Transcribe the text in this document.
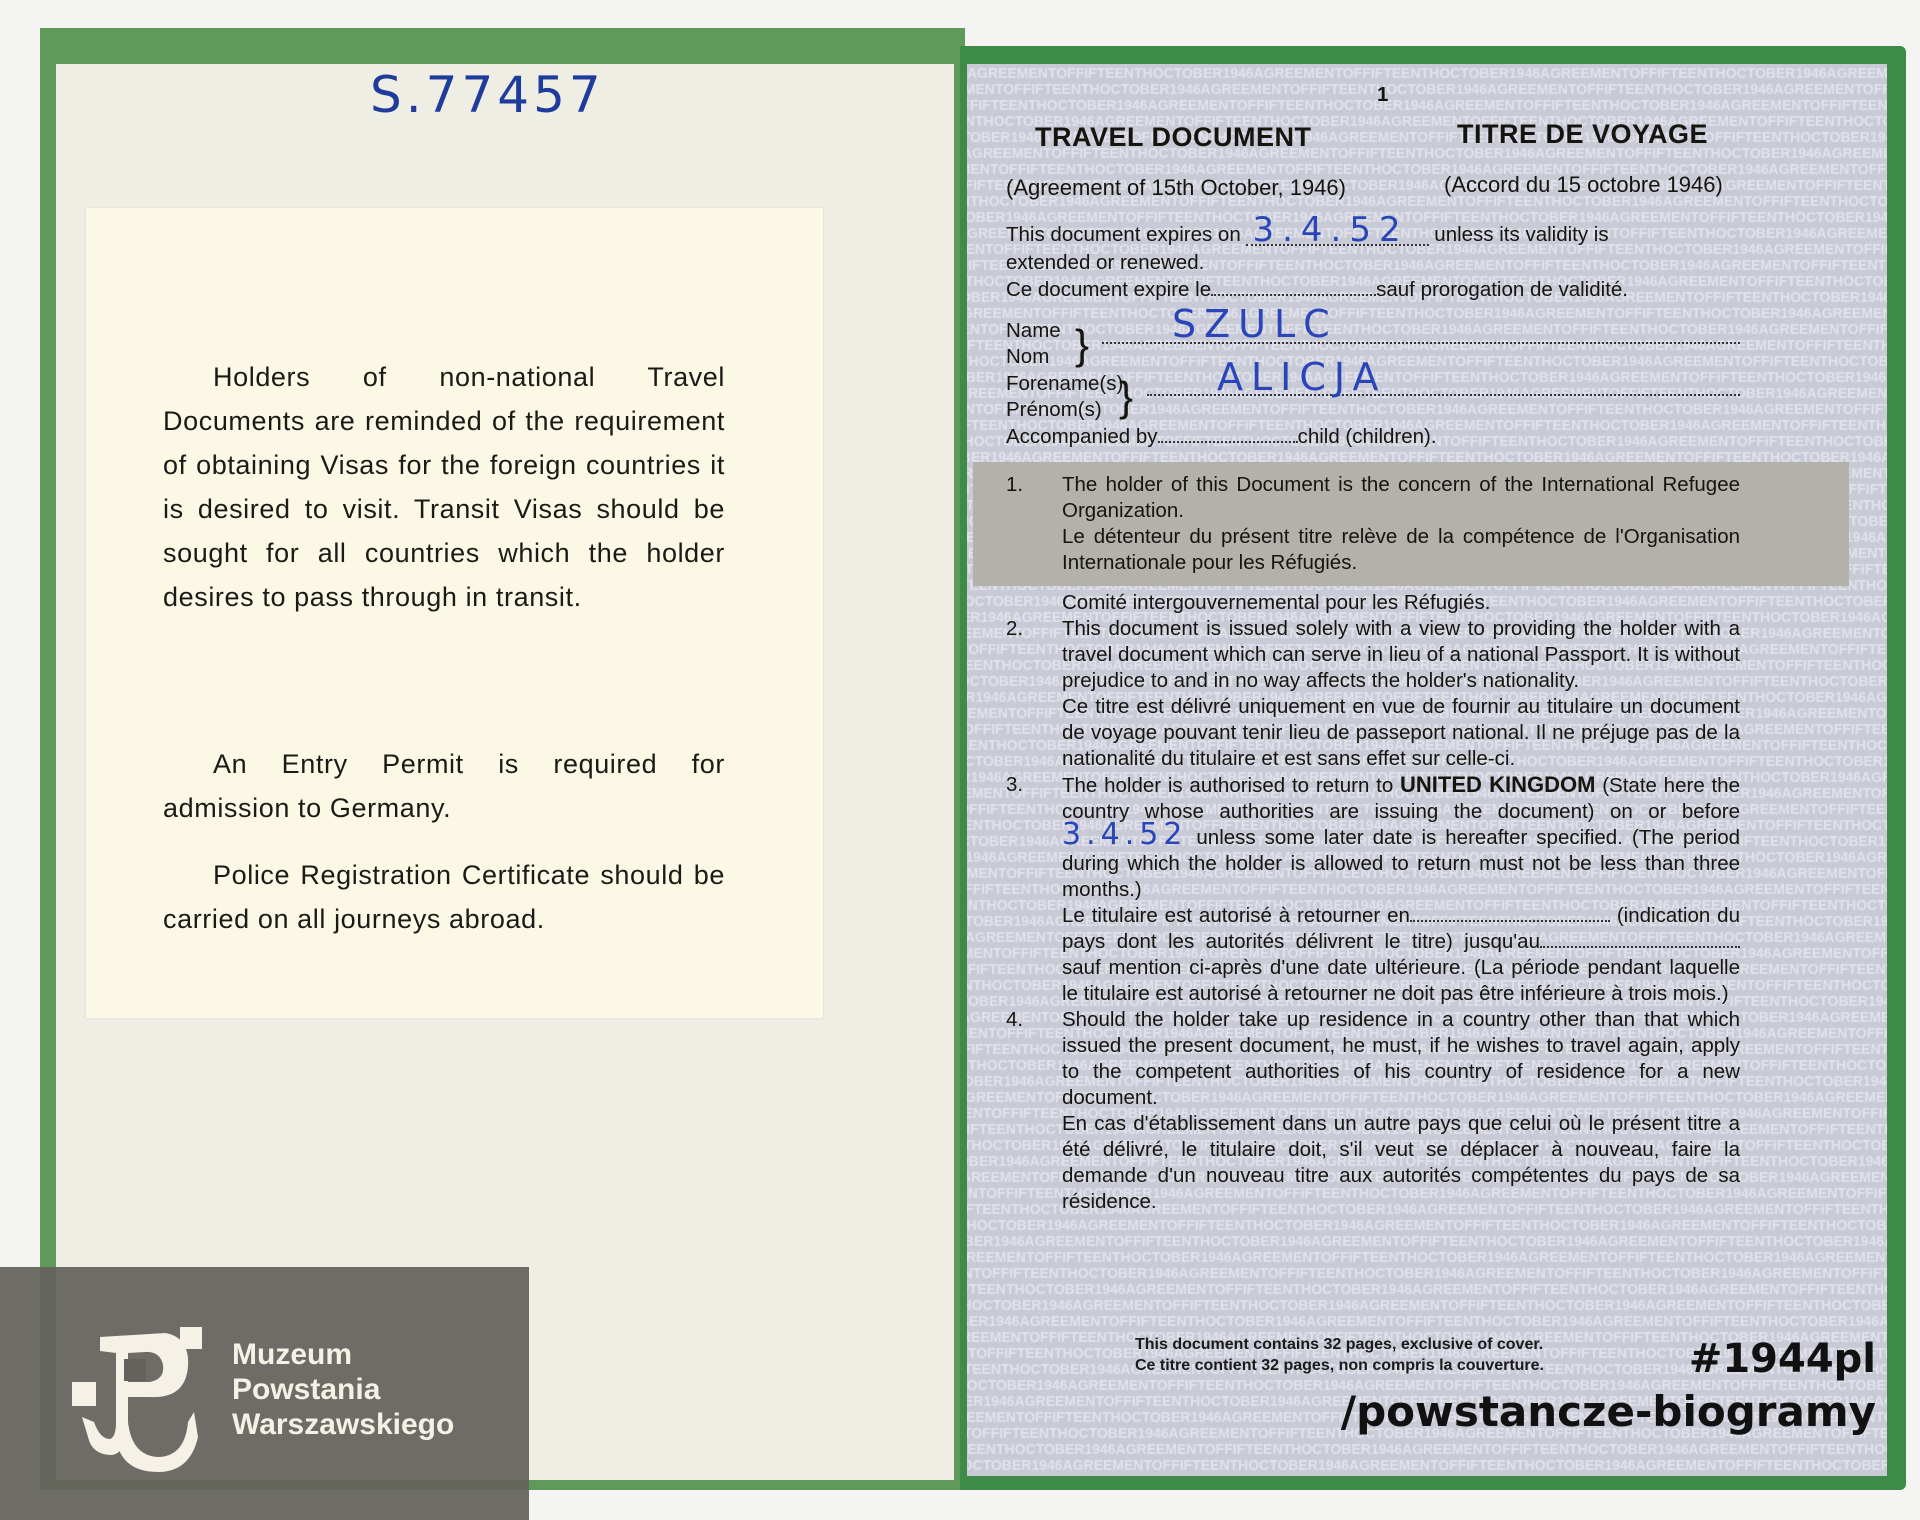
S.77457

Holders of non-national Travel Documents are reminded of the requirement of obtaining Visas for the foreign countries it is desired to visit. Transit Visas should be sought for all countries which the holder desires to pass through in transit.

An Entry Permit is required for admission to Germany.

Police Registration Certificate should be carried on all journeys abroad.

1
TRAVEL DOCUMENT	TITRE DE VOYAGE
(Agreement of 15th October, 1946)	(Accord du 15 octobre 1946)
This document expires on 3.4.52 unless its validity is
extended or renewed.
Ce document expire le	sauf prorogation de validité.
Name
Nom } SZULC
Forename(s)
Prénom(s) } ALICJA
Accompanied by	child (children).
1. The holder of this Document is the concern of the International Refugee Organization.

Le détenteur du présent titre relève de la compétence de l'Organisation Internationale pour les Réfugiés.

Comité intergouvernemental pour les Réfugiés.

2. This document is issued solely with a view to providing the holder with a travel document which can serve in lieu of a national Passport. It is without prejudice to and in no way affects the holder's nationality.

Ce titre est délivré uniquement en vue de fournir au titulaire un document de voyage pouvant tenir lieu de passeport national. Il ne préjuge pas de la nationalité du titulaire et est sans effet sur celle-ci.

3. The holder is authorised to return to UNITED KINGDOM (State here the country whose authorities are issuing the document) on or before 3.4.52 unless some later date is hereafter specified. (The period during which the holder is allowed to return must not be less than three months.)

Le titulaire est autorisé à retourner en	(indication du pays dont les autorités délivrent le titre) jusqu'au sauf mention ci-après d'une date ultérieure. (La période pendant laquelle le titulaire est autorisé à retourner ne doit pas être inférieure à trois mois.)

4. Should the holder take up residence in a country other than that which issued the present document, he must, if he wishes to travel again, apply to the competent authorities of his country of residence for a new document.

En cas d'établissement dans un autre pays que celui où le présent titre a été délivré, le titulaire doit, s'il veut se déplacer à nouveau, faire la demande d'un nouveau titre aux autorités compétentes du pays de sa résidence.

This document contains 32 pages, exclusive of cover.
Ce titre contient 32 pages, non compris la couverture.	#1944pl
/powstancze-biogramy
Muzeum
Powstania
Warszawskiego
